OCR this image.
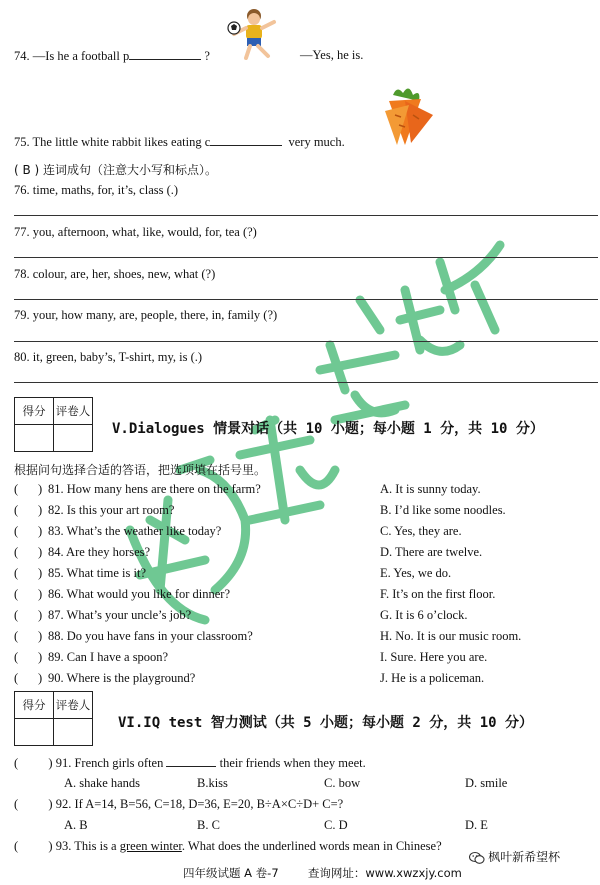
74. —Is he a football p	?	—Yes, he is.
75. The little white rabbit likes eating c	very much.
( B ) 连词成句（注意大小写和标点）。
76. time, maths, for, it’s, class (.)
77. you, afternoon, what, like, would, for, tea (?)
78. colour, are, her, shoes, new, what (?)
79. your, how many, are, people, there, in, family (?)
80. it, green, baby’s, T-shirt, my, is (.)
得分	评卷人

V.Dialogues 情景对话（共 10 小题；每小题 1 分，共 10 分）
根据问句选择合适的答语，把选项填在括号里。
( ) 81. How many hens are there on the farm?	A. It is sunny today.
( ) 82. Is this your art room?	B. I’d like some noodles.
( ) 83. What’s the weather like today?	C. Yes, they are.
( ) 84. Are they horses?	D. There are twelve.
( ) 85. What time is it?	E. Yes, we do.
( ) 86. What would you like for dinner?	F. It’s on the first floor.
( ) 87. What’s your uncle’s job?	G. It is 6 o’clock.
( ) 88. Do you have fans in your classroom?	H. No. It is our music room.
( ) 89. Can I have a spoon?	I. Sure. Here you are.
( ) 90. Where is the playground?	J. He is a policeman.
得分	评卷人

VI.IQ test 智力测试（共 5 小题；每小题 2 分，共 10 分）
( ) 91. French girls often	their friends when they meet.
A. shake hands	B.kiss	C. bow	D. smile
( ) 92. If A=14, B=56, C=18, D=36, E=20, B÷A×C÷D+ C=?
A. B	B. C	C. D	D. E
( ) 93. This is a green winter. What does the underlined words mean in Chinese?
四年级试题 A 卷-7        查询网址：www.xwzxjy.com
枫叶新希望杯
